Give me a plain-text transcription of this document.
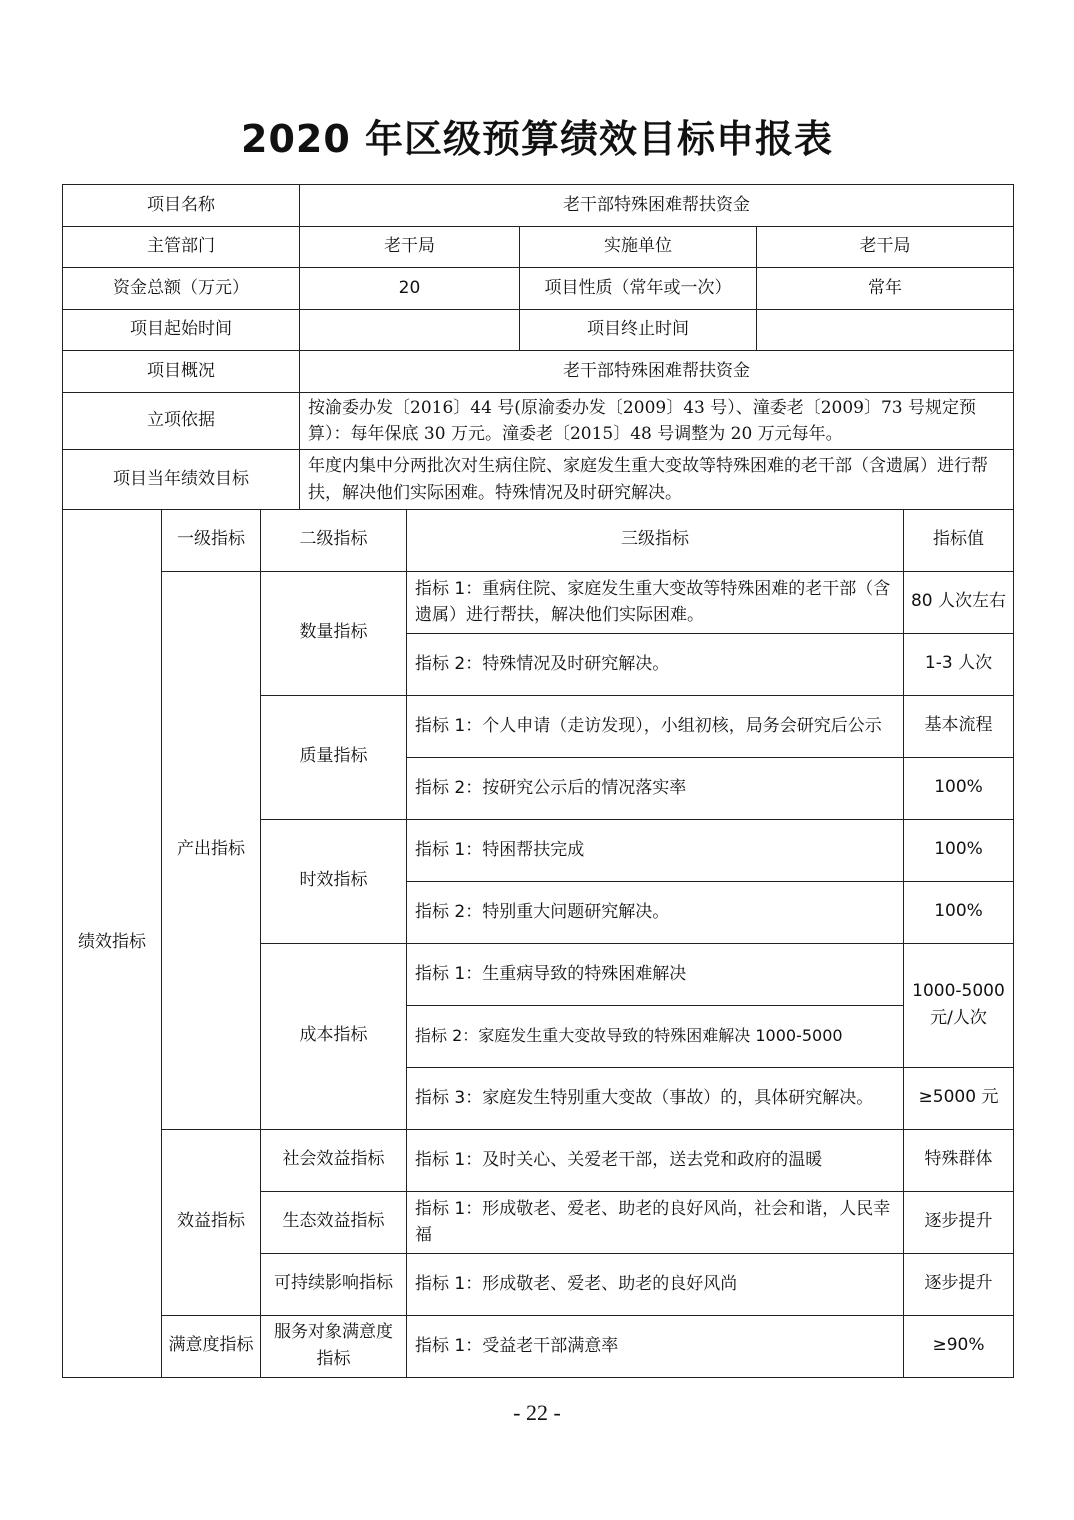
2020 年区级预算绩效目标申报表
项目名称	老干部特殊困难帮扶资金		
主管部门	老干局	实施单位	老干局
资金总额（万元）	20	项目性质（常年或一次）	常年
项目起始时间		项目终止时间	
项目概况	老干部特殊困难帮扶资金		
立项依据	按渝委办发〔2016〕44 号(原渝委办发〔2009〕43 号）、潼委老〔2009〕73 号规定预算）：每年保底 30 万元。潼委老〔2015〕48 号调整为 20 万元每年。		
项目当年绩效目标	年度内集中分两批次对生病住院、家庭发生重大变故等特殊困难的老干部（含遗属）进行帮扶，解决他们实际困难。特殊情况及时研究解决。		
绩效指标	一级指标	二级指标	三级指标	指标值
	产出指标	数量指标	指标 1：重病住院、家庭发生重大变故等特殊困难的老干部（含遗属）进行帮扶，解决他们实际困难。	80 人次左右
			指标 2：特殊情况及时研究解决。	1-3 人次
		质量指标	指标 1：个人申请（走访发现），小组初核，局务会研究后公示	基本流程
			指标 2：按研究公示后的情况落实率	100%
		时效指标	指标 1：特困帮扶完成	100%
			指标 2：特别重大问题研究解决。	100%
		成本指标	指标 1：生重病导致的特殊困难解决	1000-5000 元/人次
			指标 2：家庭发生重大变故导致的特殊困难解决 1000-5000	
			指标 3：家庭发生特别重大变故（事故）的，具体研究解决。	≥5000 元
	效益指标	社会效益指标	指标 1：及时关心、关爱老干部，送去党和政府的温暖	特殊群体
		生态效益指标	指标 1：形成敬老、爱老、助老的良好风尚，社会和谐，人民幸福	逐步提升
		可持续影响指标	指标 1：形成敬老、爱老、助老的良好风尚	逐步提升
	满意度指标	服务对象满意度指标	指标 1：受益老干部满意率	≥90%
- 22 -
